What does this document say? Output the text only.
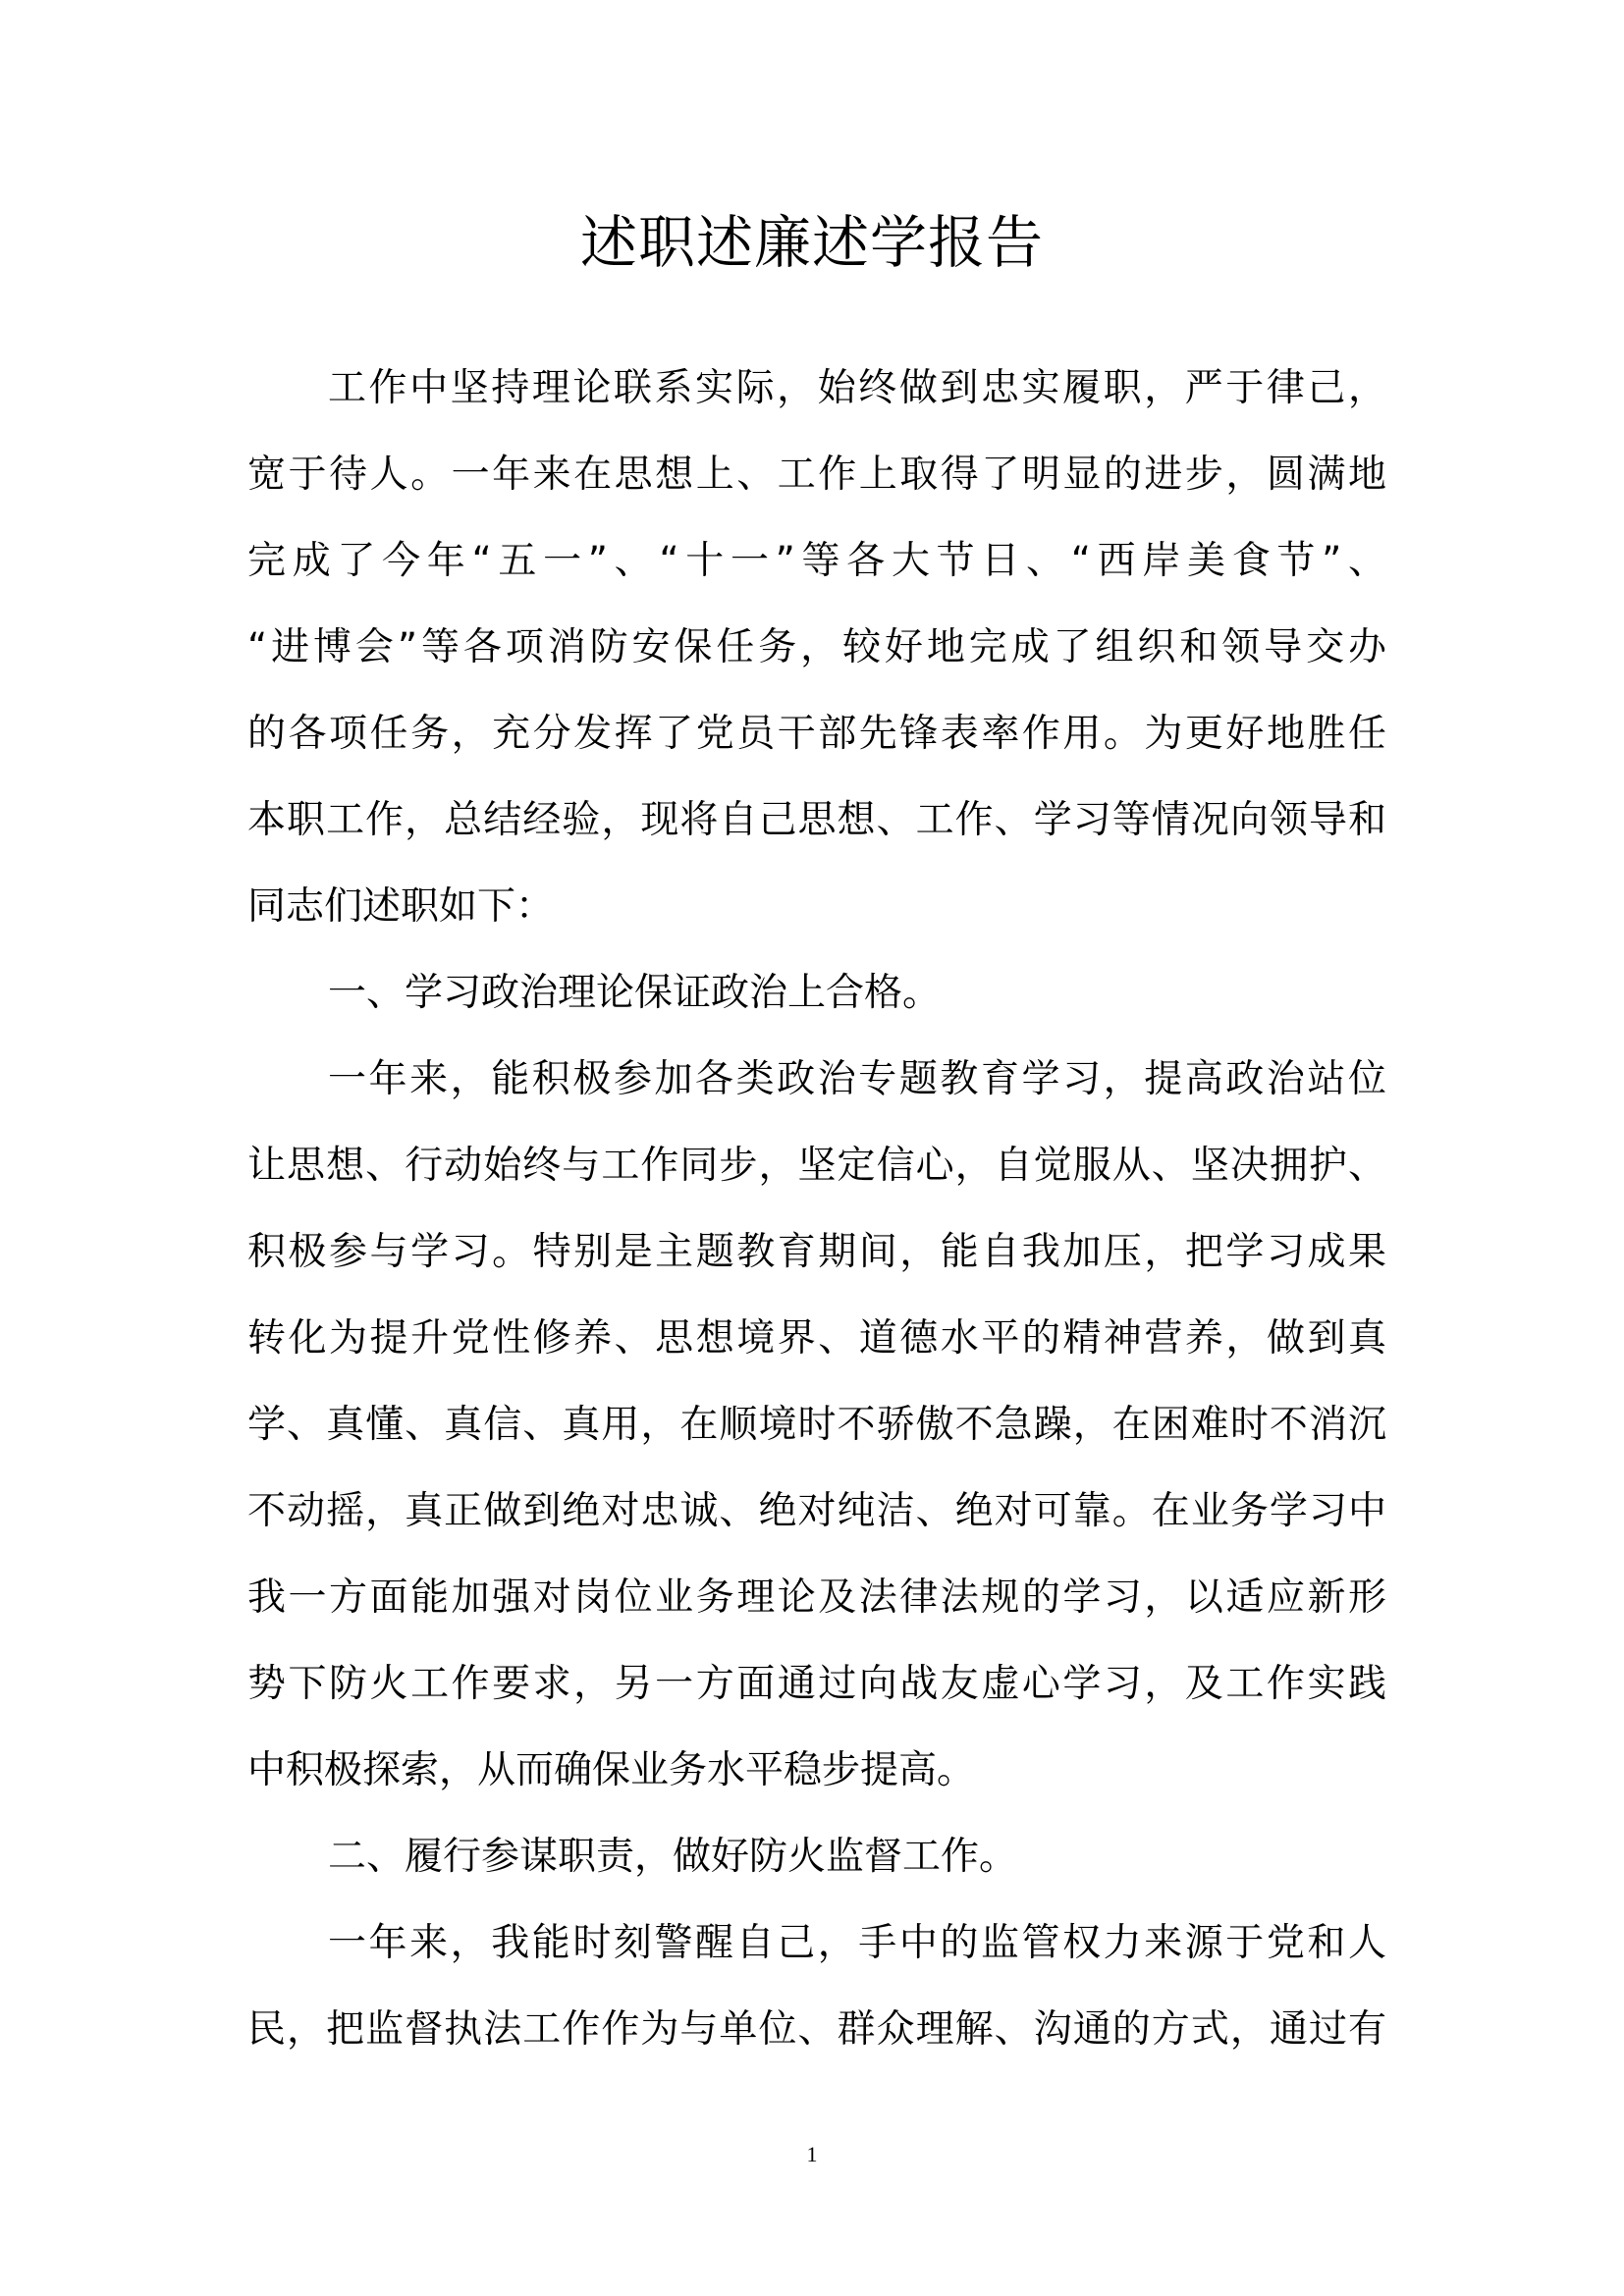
述职述廉述学报告
工作中坚持理论联系实际，始终做到忠实履职，严于律己，
宽于待人。一年来在思想上、工作上取得了明显的进步，圆满地
完成了今年“五一”、“十一”等各大节日、“西岸美食节”、
“进博会”等各项消防安保任务，较好地完成了组织和领导交办
的各项任务，充分发挥了党员干部先锋表率作用。为更好地胜任
本职工作，总结经验，现将自己思想、工作、学习等情况向领导和
同志们述职如下：
一、学习政治理论保证政治上合格。
一年来，能积极参加各类政治专题教育学习，提高政治站位
让思想、行动始终与工作同步，坚定信心，自觉服从、坚决拥护、
积极参与学习。特别是主题教育期间，能自我加压，把学习成果
转化为提升党性修养、思想境界、道德水平的精神营养，做到真
学、真懂、真信、真用，在顺境时不骄傲不急躁，在困难时不消沉
不动摇，真正做到绝对忠诚、绝对纯洁、绝对可靠。在业务学习中
我一方面能加强对岗位业务理论及法律法规的学习，以适应新形
势下防火工作要求，另一方面通过向战友虚心学习，及工作实践
中积极探索，从而确保业务水平稳步提高。
二、履行参谋职责，做好防火监督工作。
一年来，我能时刻警醒自己，手中的监管权力来源于党和人
民，把监督执法工作作为与单位、群众理解、沟通的方式，通过有
1
